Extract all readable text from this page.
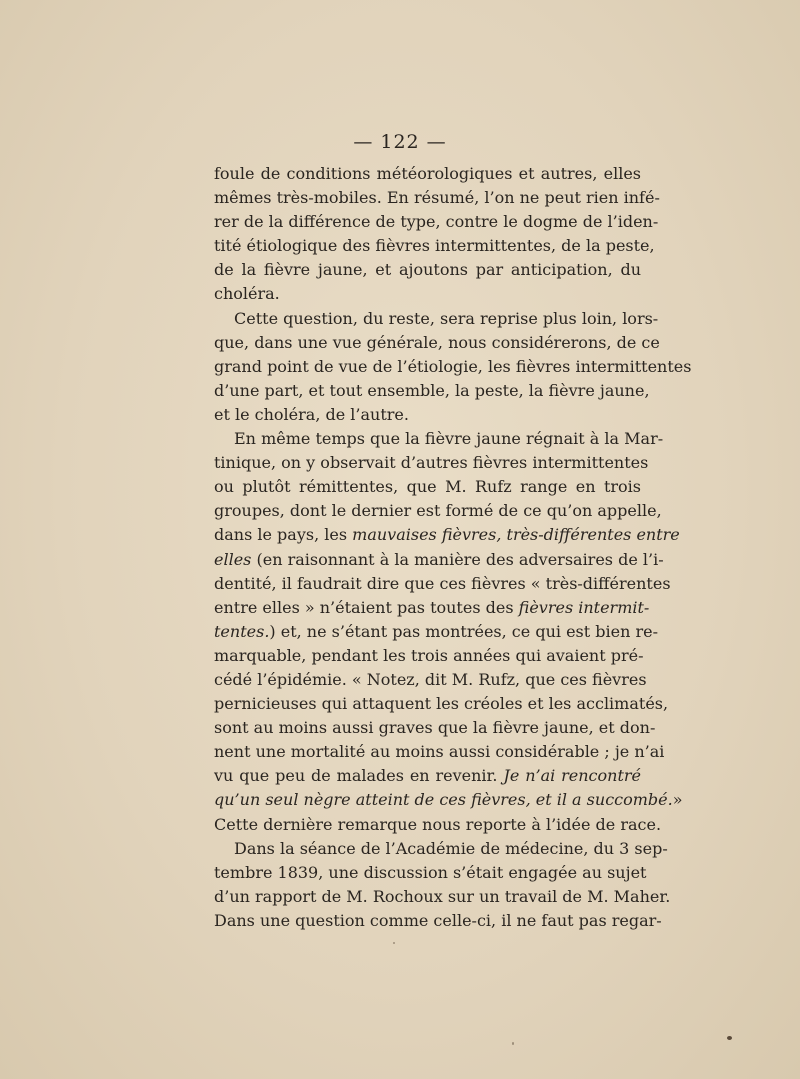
— 122 —
foule de conditions météorologiques et autres, elles
mêmes très-mobiles. En résumé, l’on ne peut rien infé-
rer de la différence de type, contre le dogme de l’iden-
tité étiologique des fièvres intermittentes, de la peste,
de la fièvre jaune, et ajoutons par anticipation, du
choléra.
Cette question, du reste, sera reprise plus loin, lors-
que, dans une vue générale, nous considérerons, de ce
grand point de vue de l’étiologie, les fièvres intermittentes
d’une part, et tout ensemble, la peste, la fièvre jaune,
et le choléra, de l’autre.
En même temps que la fièvre jaune régnait à la Mar-
tinique, on y observait d’autres fièvres intermittentes
ou plutôt rémittentes, que M. Rufz range en trois
groupes, dont le dernier est formé de ce qu’on appelle,
dans le pays, les mauvaises fièvres, très-différentes entre
elles (en raisonnant à la manière des adversaires de l’i-
dentité, il faudrait dire que ces fièvres « très-différentes
entre elles » n’étaient pas toutes des fièvres intermit-
tentes.) et, ne s’étant pas montrées, ce qui est bien re-
marquable, pendant les trois années qui avaient pré-
cédé l’épidémie. « Notez, dit M. Rufz, que ces fièvres
pernicieuses qui attaquent les créoles et les acclimatés,
sont au moins aussi graves que la fièvre jaune, et don-
nent une mortalité au moins aussi considérable ; je n’ai
vu que peu de malades en revenir. Je n’ai rencontré
qu’un seul nègre atteint de ces fièvres, et il a succombé.»
Cette dernière remarque nous reporte à l’idée de race.
Dans la séance de l’Académie de médecine, du 3 sep-
tembre 1839, une discussion s’était engagée au sujet
d’un rapport de M. Rochoux sur un travail de M. Maher.
Dans une question comme celle-ci, il ne faut pas regar-
